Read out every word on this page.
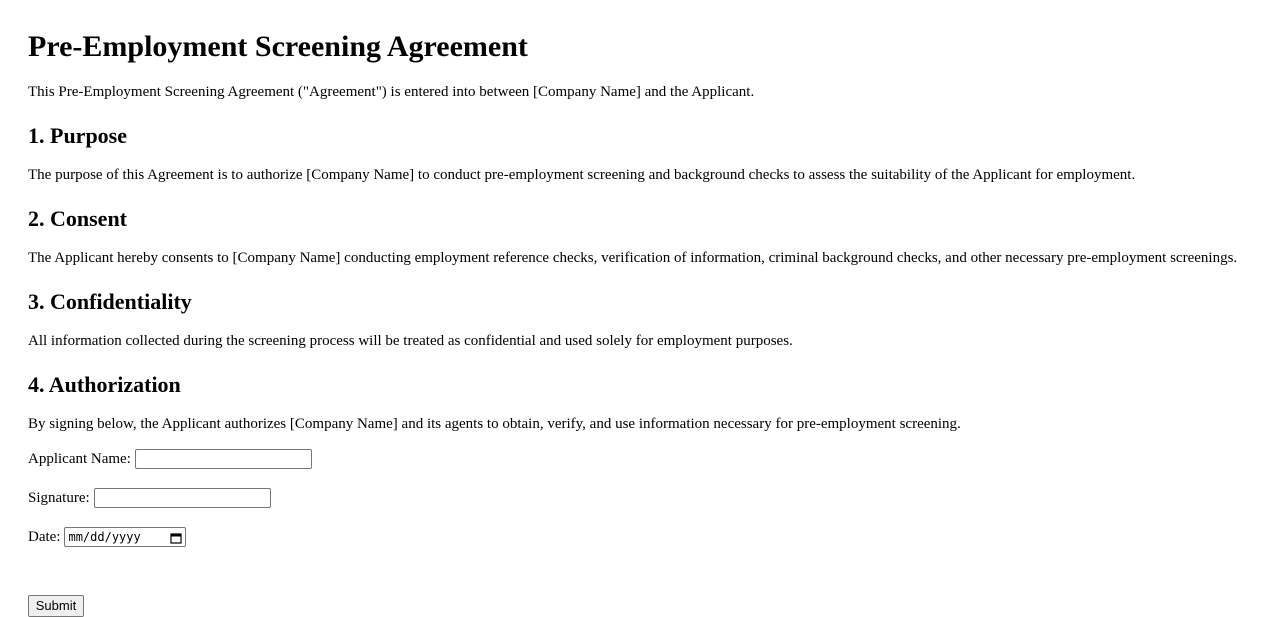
Pre-Employment Screening Agreement

This Pre-Employment Screening Agreement ("Agreement") is entered into between [Company Name] and the Applicant.

1. Purpose

The purpose of this Agreement is to authorize [Company Name] to conduct pre-employment screening and background checks to assess the suitability of the Applicant for employment.

2. Consent

The Applicant hereby consents to [Company Name] conducting employment reference checks, verification of information, criminal background checks, and other necessary pre-employment screenings.

3. Confidentiality

All information collected during the screening process will be treated as confidential and used solely for employment purposes.

4. Authorization

By signing below, the Applicant authorizes [Company Name] and its agents to obtain, verify, and use information necessary for pre-employment screening.

Applicant Name:
Signature:
Date: mm/dd/yyyy
Submit
